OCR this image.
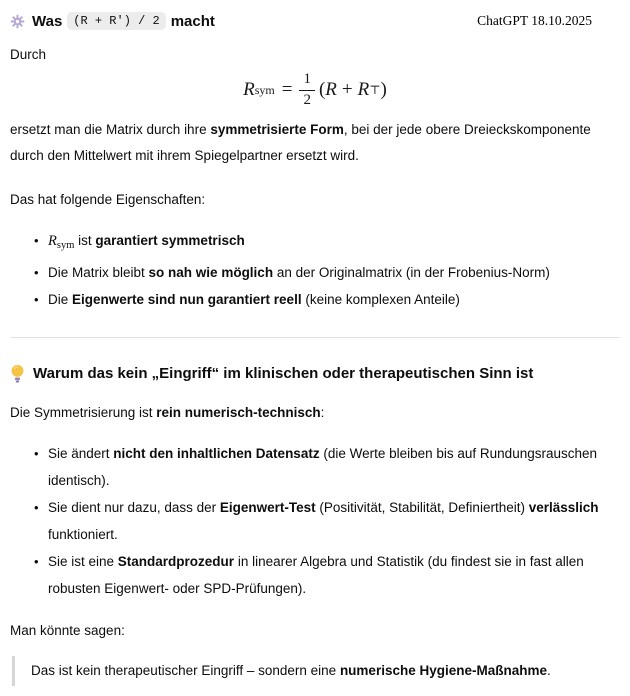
Was (R + R') / 2 macht	ChatGPT 18.10.2025

Durch

R sym = $\frac{1}{2}$ ( R + R ⊤ )

ersetzt man die Matrix durch ihre symmetrisierte Form, bei der jede obere Dreieckskomponente durch den Mittelwert mit ihrem Spiegelpartner ersetzt wird.

Das hat folgende Eigenschaften:

• $R_{sym}$ ist garantiert symmetrisch
• Die Matrix bleibt so nah wie möglich an der Originalmatrix (in der Frobenius-Norm)
• Die Eigenwerte sind nun garantiert reell (keine komplexen Anteile)
Warum das kein „Eingriff“ im klinischen oder therapeutischen Sinn ist

Die Symmetrisierung ist rein numerisch-technisch:

• Sie ändert nicht den inhaltlichen Datensatz (die Werte bleiben bis auf Rundungsrauschen identisch).
• Sie dient nur dazu, dass der Eigenwert-Test (Positivität, Stabilität, Definiertheit) verlässlich funktioniert.
• Sie ist eine Standardprozedur in linearer Algebra und Statistik (du findest sie in fast allen robusten Eigenwert- oder SPD-Prüfungen).

Man könnte sagen:

Das ist kein therapeutischer Eingriff – sondern eine numerische Hygiene-Maßnahme.
